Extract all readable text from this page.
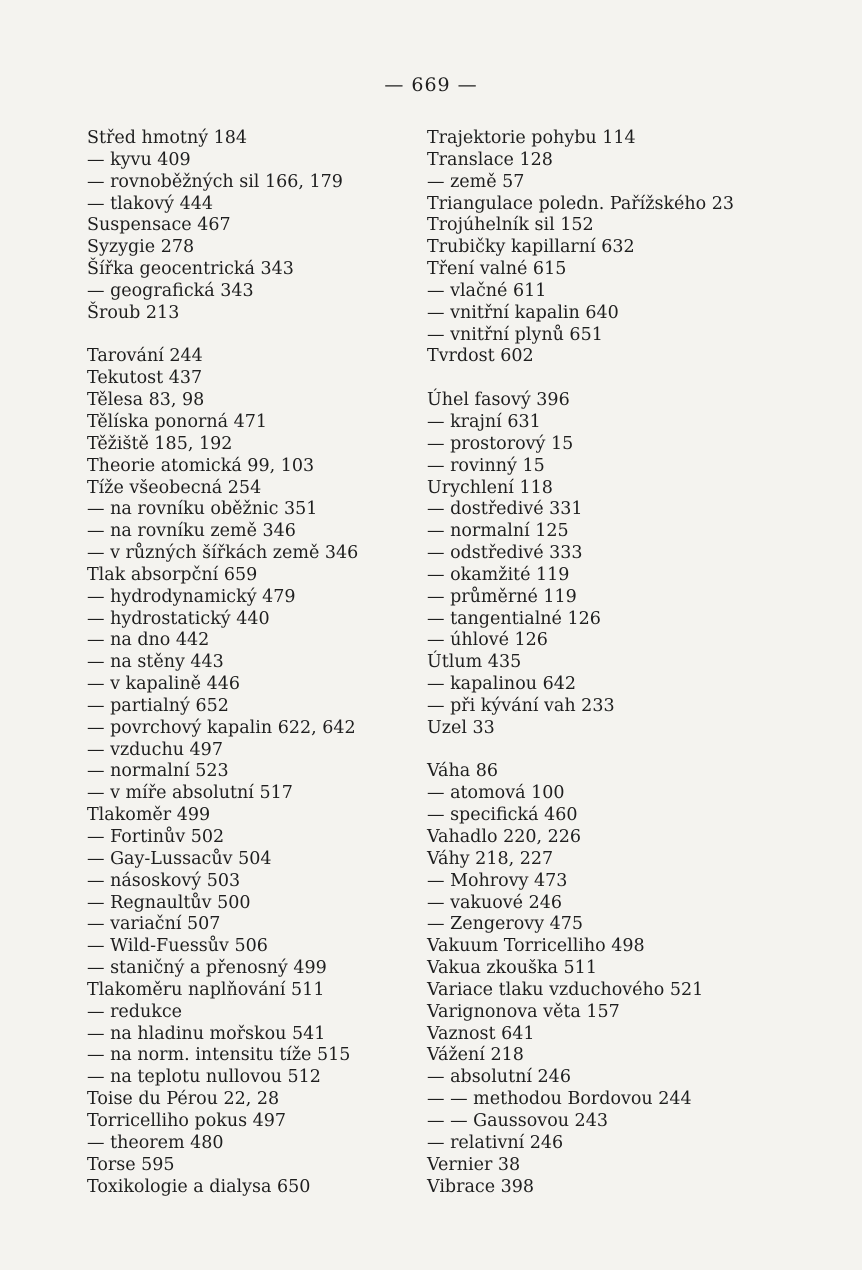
— 669 —
Střed hmotný 184
— kyvu 409
— rovnoběžných sil 166, 179
— tlakový 444
Suspensace 467
Syzygie 278
Šířka geocentrická 343
— geografická 343
Šroub 213
Tarování 244
Tekutost 437
Tělesa 83, 98
Tělíska ponorná 471
Těžiště 185, 192
Theorie atomická 99, 103
Tíže všeobecná 254
— na rovníku oběžnic 351
— na rovníku země 346
— v různých šířkách země 346
Tlak absorpční 659
— hydrodynamický 479
— hydrostatický 440
— na dno 442
— na stěny 443
— v kapalině 446
— partialný 652
— povrchový kapalin 622, 642
— vzduchu 497
— normalní 523
— v míře absolutní 517
Tlakoměr 499
— Fortinův 502
— Gay-Lussacův 504
— násoskový 503
— Regnaultův 500
— variační 507
— Wild-Fuessův 506
— staničný a přenosný 499
Tlakoměru naplňování 511
— redukce
— na hladinu mořskou 541
— na norm. intensitu tíže 515
— na teplotu nullovou 512
Toise du Pérou 22, 28
Torricelliho pokus 497
— theorem 480
Torse 595
Toxikologie a dialysa 650
Trajektorie pohybu 114
Translace 128
— země 57
Triangulace poledn. Pařížského 23
Trojúhelník sil 152
Trubičky kapillarní 632
Tření valné 615
— vlačné 611
— vnitřní kapalin 640
— vnitřní plynů 651
Tvrdost 602
Úhel fasový 396
— krajní 631
— prostorový 15
— rovinný 15
Urychlení 118
— dostředivé 331
— normalní 125
— odstředivé 333
— okamžité 119
— průměrné 119
— tangentialné 126
— úhlové 126
Útlum 435
— kapalinou 642
— při kývání vah 233
Uzel 33
Váha 86
— atomová 100
— specifická 460
Vahadlo 220, 226
Váhy 218, 227
— Mohrovy 473
— vakuové 246
— Zengerovy 475
Vakuum Torricelliho 498
Vakua zkouška 511
Variace tlaku vzduchového 521
Varignonova věta 157
Vaznost 641
Vážení 218
— absolutní 246
— — methodou Bordovou 244
— — Gaussovou 243
— relativní 246
Vernier 38
Vibrace 398
